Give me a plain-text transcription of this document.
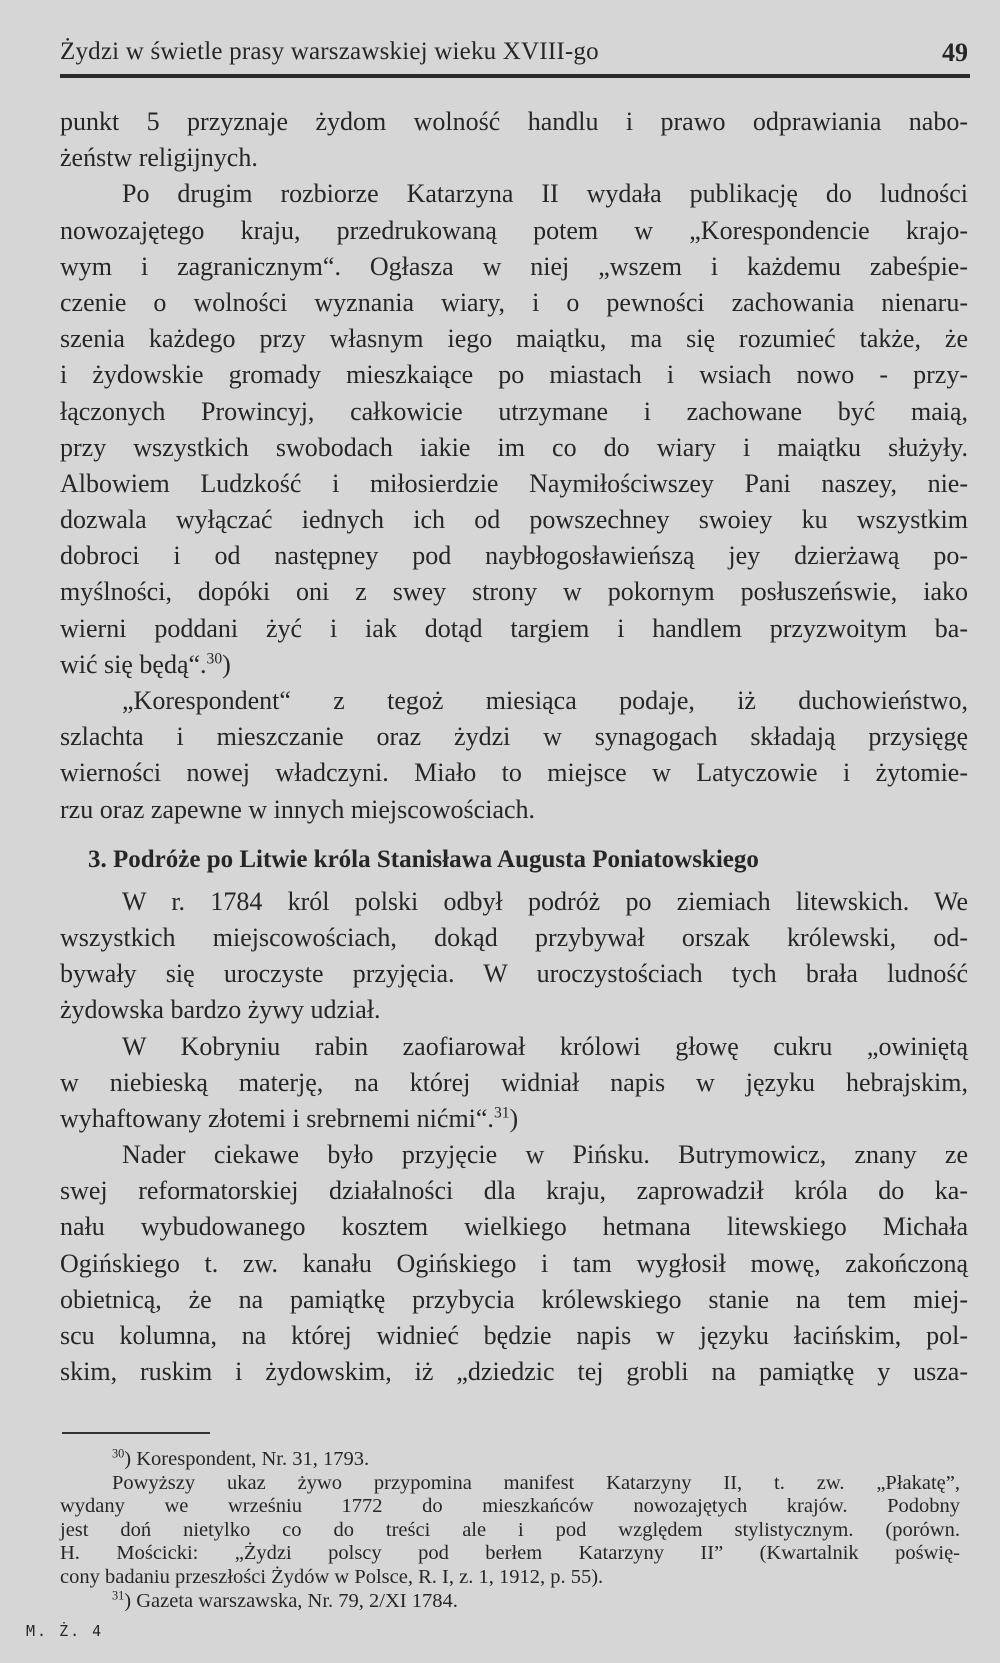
Żydzi w świetle prasy warszawskiej wieku XVIII-go	49
punkt 5 przyznaje żydom wolność handlu i prawo odprawiania nabo-
żeństw religijnych.
Po drugim rozbiorze Katarzyna II wydała publikację do ludności
nowozajętego kraju, przedrukowaną potem w „Korespondencie krajo-
wym i zagranicznym“. Ogłasza w niej „wszem i każdemu zabeśpie-
czenie o wolności wyznania wiary, i o pewności zachowania nienaru-
szenia każdego przy własnym iego maiątku, ma się rozumieć także, że
i żydowskie gromady mieszkaiące po miastach i wsiach nowo - przy-
łączonych Prowincyj, całkowicie utrzymane i zachowane być maią,
przy wszystkich swobodach iakie im co do wiary i maiątku służyły.
Albowiem Ludzkość i miłosierdzie Naymiłościwszey Pani naszey, nie-
dozwala wyłączać iednych ich od powszechney swoiey ku wszystkim
dobroci i od następney pod naybłogosławieńszą jey dzierżawą po-
myślności, dopóki oni z swey strony w pokornym posłuszeńswie, iako
wierni poddani żyć i iak dotąd targiem i handlem przyzwoitym ba-
wić się będą“.$^{30}$)
„Korespondent“ z tegoż miesiąca podaje, iż duchowieństwo,
szlachta i mieszczanie oraz żydzi w synagogach składają przysięgę
wierności nowej władczyni. Miało to miejsce w Latyczowie i żytomie-
rzu oraz zapewne w innych miejscowościach.
3. Podróże po Litwie króla Stanisława Augusta Poniatowskiego
W r. 1784 król polski odbył podróż po ziemiach litewskich. We
wszystkich miejscowościach, dokąd przybywał orszak królewski, od-
bywały się uroczyste przyjęcia. W uroczystościach tych brała ludność
żydowska bardzo żywy udział.
W Kobryniu rabin zaofiarował królowi głowę cukru „owiniętą
w niebieską materję, na której widniał napis w języku hebrajskim,
wyhaftowany złotemi i srebrnemi nićmi“.$^{31}$)
Nader ciekawe było przyjęcie w Pińsku. Butrymowicz, znany ze
swej reformatorskiej działalności dla kraju, zaprowadził króla do ka-
nału wybudowanego kosztem wielkiego hetmana litewskiego Michała
Ogińskiego t. zw. kanału Ogińskiego i tam wygłosił mowę, zakończoną
obietnicą, że na pamiątkę przybycia królewskiego stanie na tem miej-
scu kolumna, na której widnieć będzie napis w języku łacińskim, pol-
skim, ruskim i żydowskim, iż „dziedzic tej grobli na pamiątkę y usza-
$^{30}$) Korespondent, Nr. 31, 1793.
Powyższy ukaz żywo przypomina manifest Katarzyny II, t. zw. „Płakatę”,
wydany we wrześniu 1772 do mieszkańców nowozajętych krajów. Podobny
jest doń nietylko co do treści ale i pod względem stylistycznym. (porówn.
H. Mościcki: „Żydzi polscy pod berłem Katarzyny II” (Kwartalnik poświę-
cony badaniu przeszłości Żydów w Polsce, R. I, z. 1, 1912, p. 55).
$^{31}$) Gazeta warszawska, Nr. 79, 2/XI 1784.
M. Ż. 4
